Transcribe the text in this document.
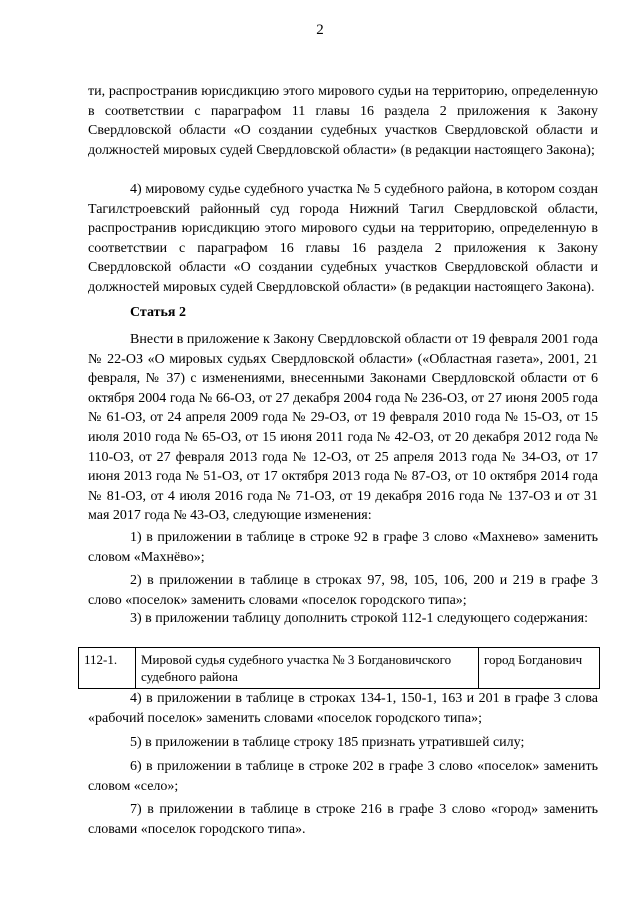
2

ти, распространив юрисдикцию этого мирового судьи на территорию, определенную в соответствии с параграфом 11 главы 16 раздела 2 приложения к Закону Свердловской области «О создании судебных участков Свердловской области и должностей мировых судей Свердловской области» (в редакции настоящего Закона);

4) мировому судье судебного участка № 5 судебного района, в котором создан Тагилстроевский районный суд города Нижний Тагил Свердловской области, распространив юрисдикцию этого мирового судьи на территорию, определенную в соответствии с параграфом 16 главы 16 раздела 2 приложения к Закону Свердловской области «О создании судебных участков Свердловской области и должностей мировых судей Свердловской области» (в редакции настоящего Закона).

Статья 2

Внести в приложение к Закону Свердловской области от 19 февраля 2001 года № 22-ОЗ «О мировых судьях Свердловской области» («Областная газета», 2001, 21 февраля, № 37) с изменениями, внесенными Законами Свердловской области от 6 октября 2004 года № 66-ОЗ, от 27 декабря 2004 года № 236-ОЗ, от 27 июня 2005 года № 61-ОЗ, от 24 апреля 2009 года № 29-ОЗ, от 19 февраля 2010 года № 15-ОЗ, от 15 июля 2010 года № 65-ОЗ, от 15 июня 2011 года № 42-ОЗ, от 20 декабря 2012 года № 110-ОЗ, от 27 февраля 2013 года № 12-ОЗ, от 25 апреля 2013 года № 34-ОЗ, от 17 июня 2013 года № 51-ОЗ, от 17 октября 2013 года № 87-ОЗ, от 10 октября 2014 года № 81-ОЗ, от 4 июля 2016 года № 71-ОЗ, от 19 декабря 2016 года № 137-ОЗ и от 31 мая 2017 года № 43-ОЗ, следующие изменения:

1) в приложении в таблице в строке 92 в графе 3 слово «Махнево» заменить словом «Махнёво»;

2) в приложении в таблице в строках 97, 98, 105, 106, 200 и 219 в графе 3 слово «поселок» заменить словами «поселок городского типа»;

3) в приложении таблицу дополнить строкой 112-1 следующего содержания:

112-1.	Мировой судья судебного участка № 3 Богдановичского судебного района	город Богданович

4) в приложении в таблице в строках 134-1, 150-1, 163 и 201 в графе 3 слова «рабочий поселок» заменить словами «поселок городского типа»;

5) в приложении в таблице строку 185 признать утратившей силу;

6) в приложении в таблице в строке 202 в графе 3 слово «поселок» заменить словом «село»;

7) в приложении в таблице в строке 216 в графе 3 слово «город» заменить словами «поселок городского типа».
